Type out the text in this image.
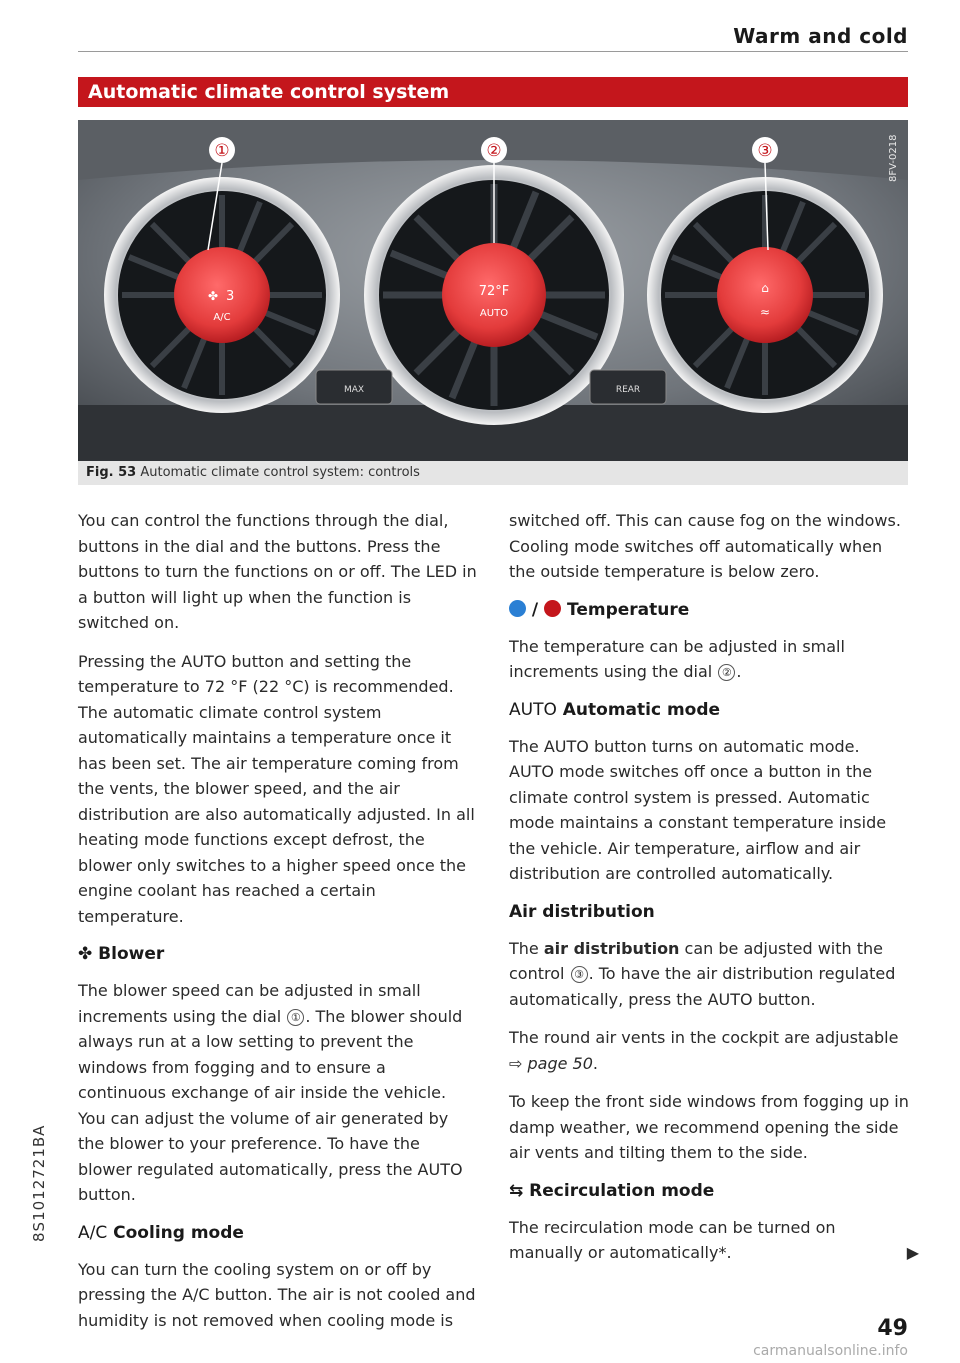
Warm and cold
Automatic climate control system
✤ 3
A/C
72°F
AUTO
⌂
≈
MAX	REAR
①	②	③	8FV-0218
Fig. 53 Automatic climate control system: controls

You can control the functions through the dial, buttons in the dial and the buttons. Press the buttons to turn the functions on or off. The LED in a button will light up when the function is switched on.

Pressing the AUTO button and setting the temperature to 72 °F (22 °C) is recommended. The automatic climate control system automatically maintains a temperature once it has been set. The air temperature coming from the vents, the blower speed, and the air distribution are also automatically adjusted. In all heating mode functions except defrost, the blower only switches to a higher speed once the engine coolant has reached a certain temperature.

✤ Blower

The blower speed can be adjusted in small increments using the dial ① . The blower should always run at a low setting to prevent the windows from fogging and to ensure a continuous exchange of air inside the vehicle. You can adjust the volume of air generated by the blower to your preference. To have the blower regulated automatically, press the AUTO button.

A/C Cooling mode

You can turn the cooling system on or off by pressing the A/C button. The air is not cooled and humidity is not removed when cooling mode is

switched off. This can cause fog on the windows. Cooling mode switches off automatically when the outside temperature is below zero.

/ Temperature

The temperature can be adjusted in small increments using the dial ② .

AUTO Automatic mode

The AUTO button turns on automatic mode. AUTO mode switches off once a button in the climate control system is pressed. Automatic mode maintains a constant temperature inside the vehicle. Air temperature, airflow and air distribution are controlled automatically.

Air distribution

The air distribution can be adjusted with the control ③ . To have the air distribution regulated automatically, press the AUTO button.

The round air vents in the cockpit are adjustable ⇨ page 50.

To keep the front side windows from fogging up in damp weather, we recommend opening the side air vents and tilting them to the side.

⇆ Recirculation mode

The recirculation mode can be turned on manually or automatically*.	▶

8S1012721BA
49
carmanualsonline.info
